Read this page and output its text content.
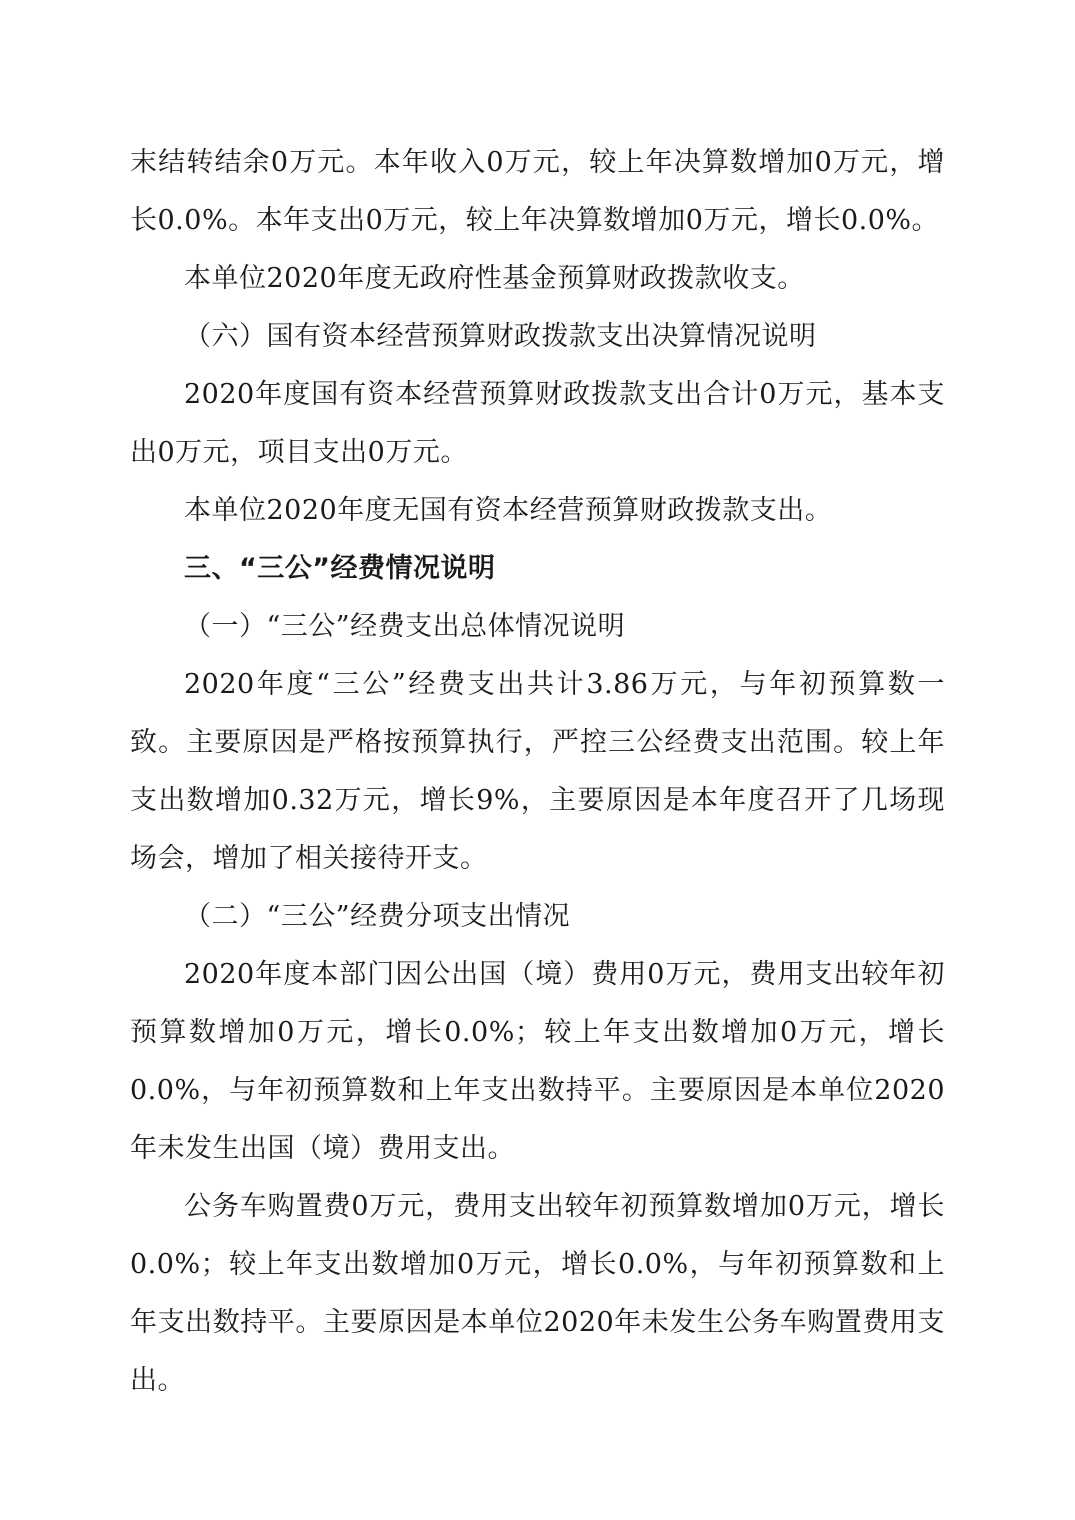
末结转结余0万元。本年收入0万元，较上年决算数增加0万元，增长0.0%。本年支出0万元，较上年决算数增加0万元，增长0.0%。

本单位2020年度无政府性基金预算财政拨款收支。

（六）国有资本经营预算财政拨款支出决算情况说明

2020年度国有资本经营预算财政拨款支出合计0万元，基本支出0万元，项目支出0万元。

本单位2020年度无国有资本经营预算财政拨款支出。

三、“三公”经费情况说明

（一）“三公”经费支出总体情况说明

2020年度“三公”经费支出共计3.86万元，与年初预算数一致。主要原因是严格按预算执行，严控三公经费支出范围。较上年支出数增加0.32万元，增长9%，主要原因是本年度召开了几场现场会，增加了相关接待开支。

（二）“三公”经费分项支出情况

2020年度本部门因公出国（境）费用0万元，费用支出较年初预算数增加0万元，增长0.0%；较上年支出数增加0万元，增长0.0%，与年初预算数和上年支出数持平。主要原因是本单位2020年未发生出国（境）费用支出。

公务车购置费0万元，费用支出较年初预算数增加0万元，增长0.0%；较上年支出数增加0万元，增长0.0%，与年初预算数和上年支出数持平。主要原因是本单位2020年未发生公务车购置费用支出。
